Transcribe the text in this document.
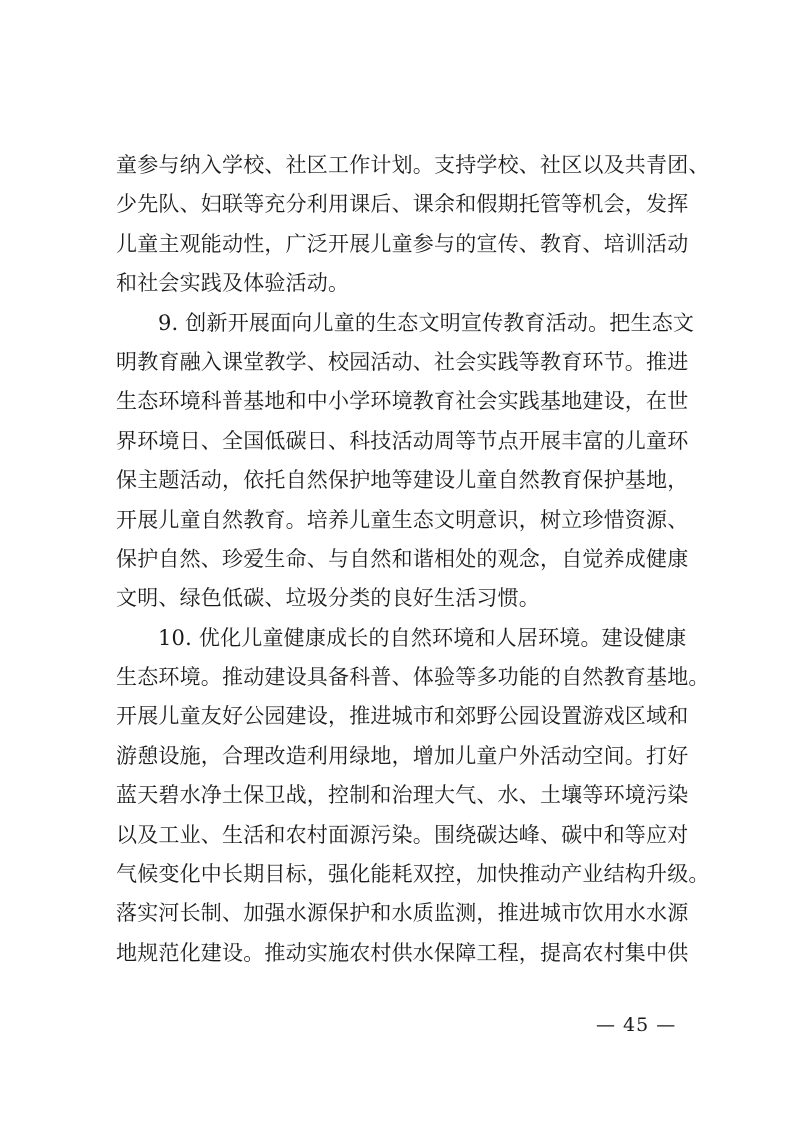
童参与纳入学校、社区工作计划。支持学校、社区以及共青团、
少先队、妇联等充分利用课后、课余和假期托管等机会，发挥
儿童主观能动性，广泛开展儿童参与的宣传、教育、培训活动
和社会实践及体验活动。
9. 创新开展面向儿童的生态文明宣传教育活动。把生态文
明教育融入课堂教学、校园活动、社会实践等教育环节。推进
生态环境科普基地和中小学环境教育社会实践基地建设，在世
界环境日、全国低碳日、科技活动周等节点开展丰富的儿童环
保主题活动，依托自然保护地等建设儿童自然教育保护基地，
开展儿童自然教育。培养儿童生态文明意识，树立珍惜资源、
保护自然、珍爱生命、与自然和谐相处的观念，自觉养成健康
文明、绿色低碳、垃圾分类的良好生活习惯。
10. 优化儿童健康成长的自然环境和人居环境。建设健康
生态环境。推动建设具备科普、体验等多功能的自然教育基地。
开展儿童友好公园建设，推进城市和郊野公园设置游戏区域和
游憩设施，合理改造利用绿地，增加儿童户外活动空间。打好
蓝天碧水净土保卫战，控制和治理大气、水、土壤等环境污染
以及工业、生活和农村面源污染。围绕碳达峰、碳中和等应对
气候变化中长期目标，强化能耗双控，加快推动产业结构升级。
落实河长制、加强水源保护和水质监测，推进城市饮用水水源
地规范化建设。推动实施农村供水保障工程，提高农村集中供
— 45 —
